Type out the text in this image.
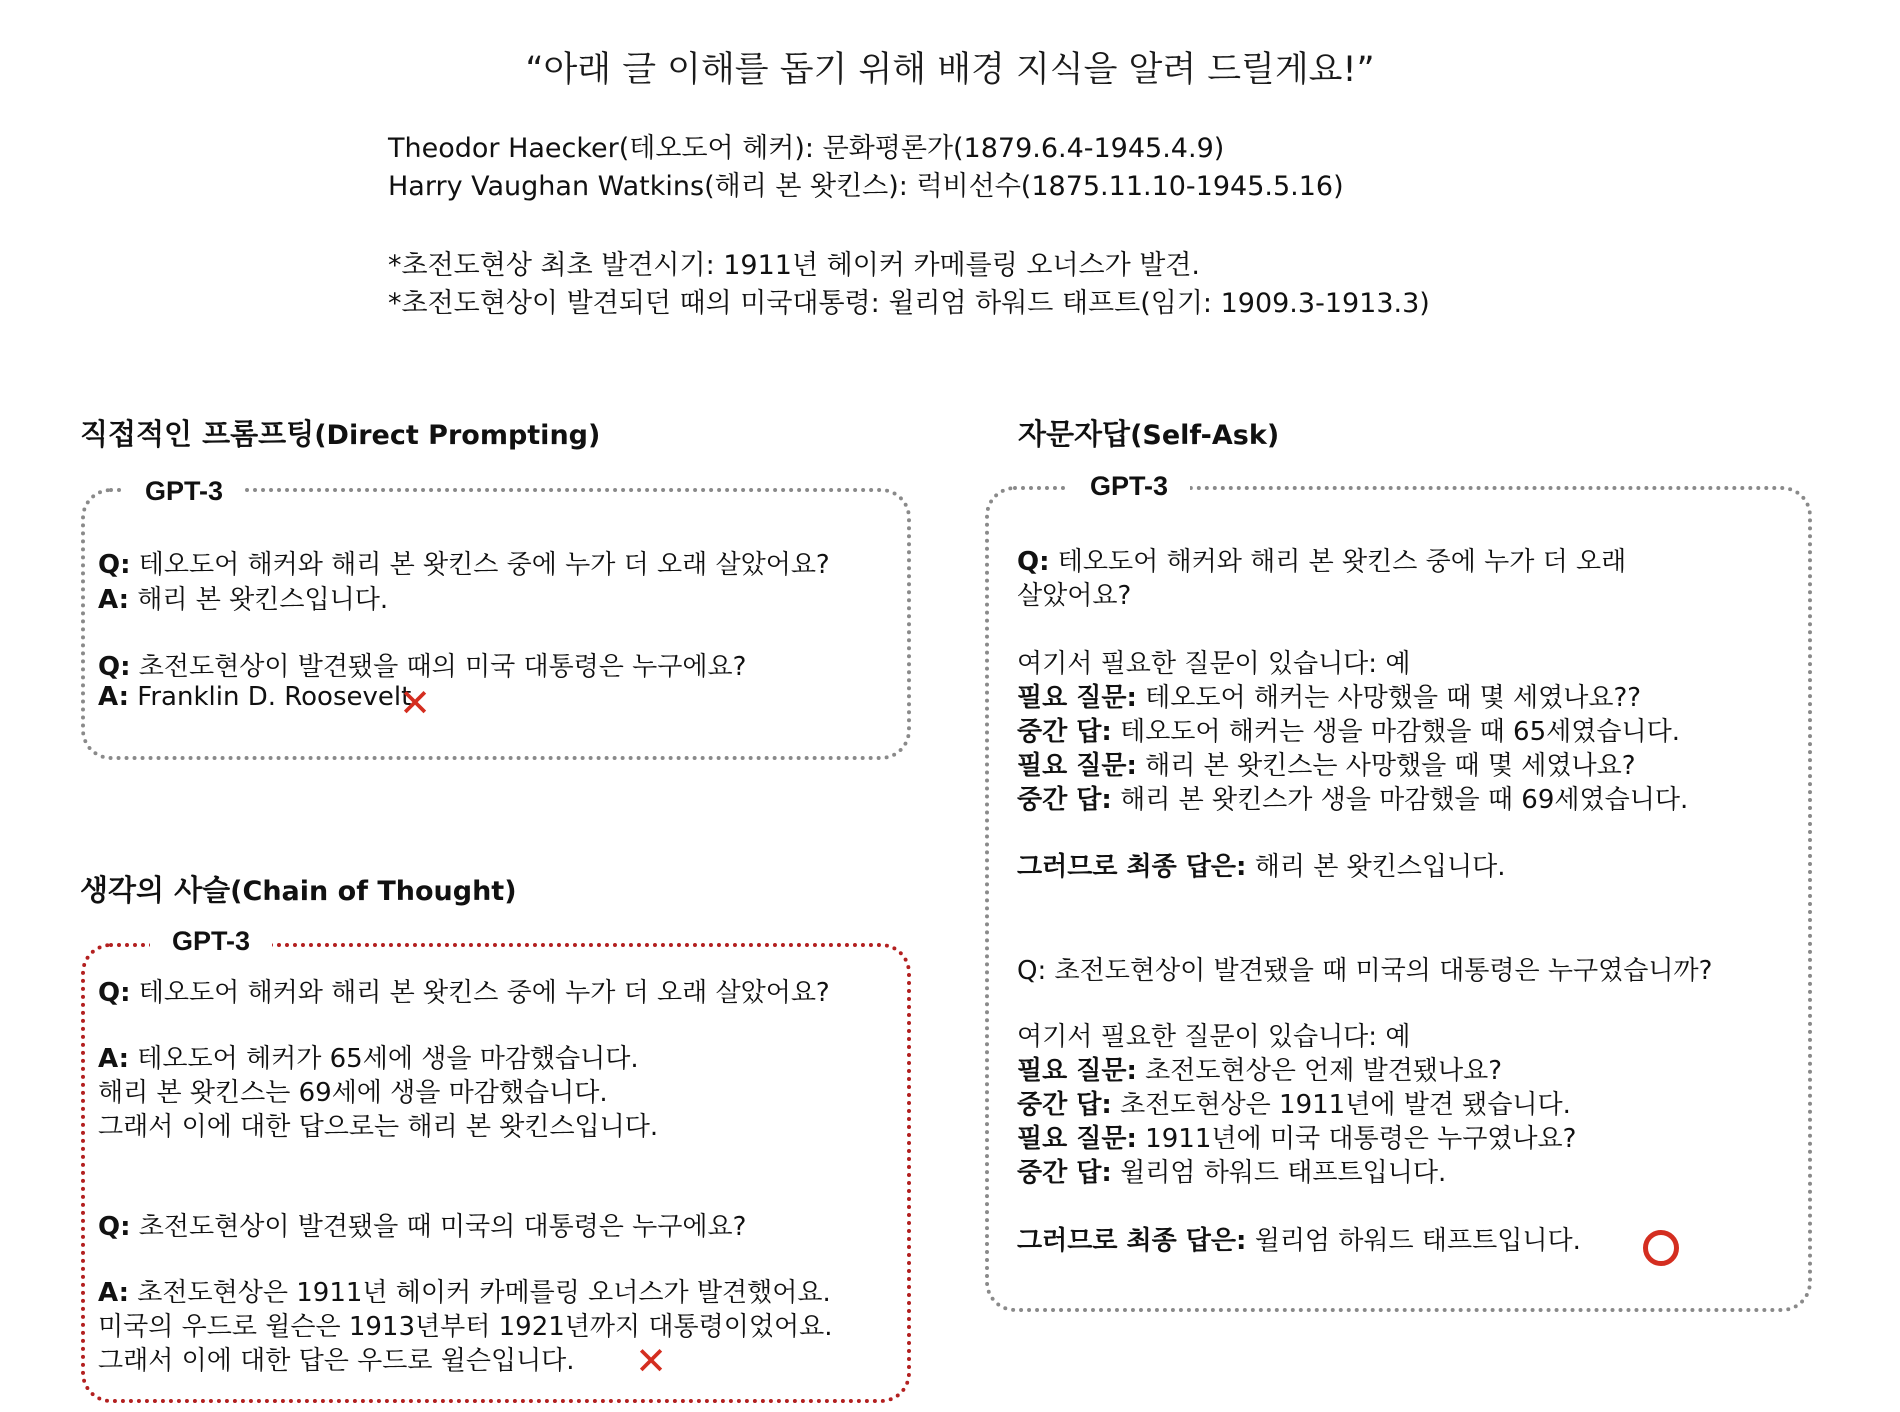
“아래 글 이해를 돕기 위해 배경 지식을 알려 드릴게요!”
Theodor Haecker(테오도어 헤커): 문화평론가(1879.6.4-1945.4.9)
Harry Vaughan Watkins(해리 본 왓킨스): 럭비선수(1875.11.10-1945.5.16)
*초전도현상 최초 발견시기: 1911년 헤이커 카메를링 오너스가 발견.
*초전도현상이 발견되던 때의 미국대통령: 윌리엄 하워드 태프트(임기: 1909.3-1913.3)
직접적인 프롬프팅(Direct Prompting)
GPT-3
Q: 테오도어 해커와 해리 본 왓킨스 중에 누가 더 오래 살았어요?
A: 해리 본 왓킨스입니다.
Q: 초전도현상이 발견됐을 때의 미국 대통령은 누구에요?
A: Franklin D. Roosevelt
✕
생각의 사슬(Chain of Thought)
GPT-3
Q: 테오도어 해커와 해리 본 왓킨스 중에 누가 더 오래 살았어요?
A: 테오도어 헤커가 65세에 생을 마감했습니다.
해리 본 왓킨스는 69세에 생을 마감했습니다.
그래서 이에 대한 답으로는 해리 본 왓킨스입니다.
Q: 초전도현상이 발견됐을 때 미국의 대통령은 누구에요?
A: 초전도현상은 1911년 헤이커 카메를링 오너스가 발견했어요.
미국의 우드로 윌슨은 1913년부터 1921년까지 대통령이었어요.
그래서 이에 대한 답은 우드로 윌슨입니다. ✕
자문자답(Self-Ask)
GPT-3
Q: 테오도어 해커와 해리 본 왓킨스 중에 누가 더 오래
살았어요?
여기서 필요한 질문이 있습니다: 예
필요 질문: 테오도어 해커는 사망했을 때 몇 세였나요??
중간 답: 테오도어 해커는 생을 마감했을 때 65세였습니다.
필요 질문: 해리 본 왓킨스는 사망했을 때 몇 세였나요?
중간 답: 해리 본 왓킨스가 생을 마감했을 때 69세였습니다.
그러므로 최종 답은: 해리 본 왓킨스입니다.
Q: 초전도현상이 발견됐을 때 미국의 대통령은 누구였습니까?
여기서 필요한 질문이 있습니다: 예
필요 질문: 초전도현상은 언제 발견됐나요?
중간 답: 초전도현상은 1911년에 발견 됐습니다.
필요 질문: 1911년에 미국 대통령은 누구였나요?
중간 답: 윌리엄 하워드 태프트입니다.
그러므로 최종 답은: 윌리엄 하워드 태프트입니다.
